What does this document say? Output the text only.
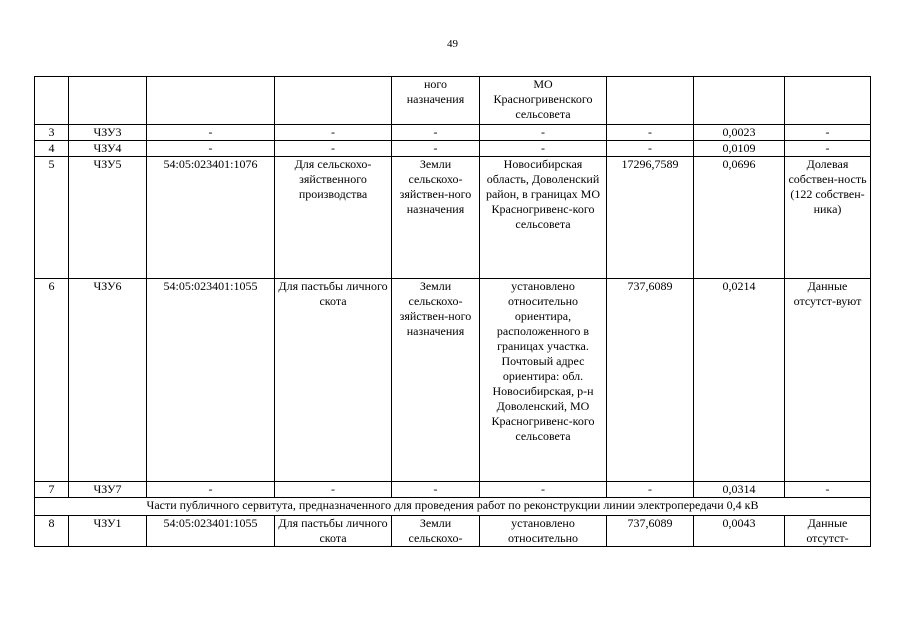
49
				ного назначения	МО Красногривенского сельсовета			
3	ЧЗУ3	-	-	-	-	-	0,0023	-
4	ЧЗУ4	-	-	-	-	-	0,0109	-
5	ЧЗУ5	54:05:023401:1076	Для сельскохо-зяйственного производства	Земли сельскохо-зяйствен-ного назначения	Новосибирская область, Доволенский район, в границах МО Красногривенс-кого сельсовета	17296,7589	0,0696	Долевая собствен-ность (122 собствен-ника)
6	ЧЗУ6	54:05:023401:1055	Для пастьбы личного скота	Земли сельскохо-зяйствен-ного назначения	установлено относительно ориентира, расположенного в границах участка. Почтовый адрес ориентира: обл. Новосибирская, р-н Доволенский, МО Красногривенс-кого сельсовета	737,6089	0,0214	Данные отсутст-вуют
7	ЧЗУ7	-	-	-	-	-	0,0314	-
Части публичного сервитута, предназначенного для проведения работ по реконструкции линии электропередачи 0,4 кВ								
8	ЧЗУ1	54:05:023401:1055	Для пастьбы личного скота	Земли сельскохо-	установлено относительно	737,6089	0,0043	Данные отсутст-
